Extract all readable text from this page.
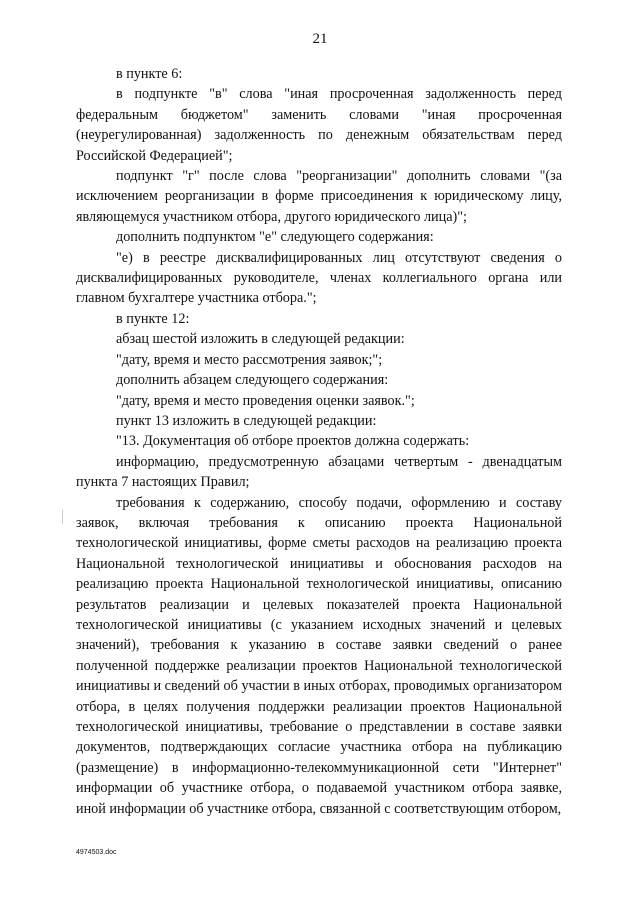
21

в пункте 6:

в подпункте "в" слова "иная просроченная задолженность перед федеральным бюджетом" заменить словами "иная просроченная (неурегулированная) задолженность по денежным обязательствам перед Российской Федерацией";

подпункт "г" после слова "реорганизации" дополнить словами "(за исключением реорганизации в форме присоединения к юридическому лицу, являющемуся участником отбора, другого юридического лица)";

дополнить подпунктом "е" следующего содержания:

"е) в реестре дисквалифицированных лиц отсутствуют сведения о дисквалифицированных руководителе, членах коллегиального органа или главном бухгалтере участника отбора.";

в пункте 12:

абзац шестой изложить в следующей редакции:

"дату, время и место рассмотрения заявок;";

дополнить абзацем следующего содержания:

"дату, время и место проведения оценки заявок.";

пункт 13 изложить в следующей редакции:

"13. Документация об отборе проектов должна содержать:

информацию, предусмотренную абзацами четвертым - двенадцатым пункта 7 настоящих Правил;

требования к содержанию, способу подачи, оформлению и составу заявок, включая требования к описанию проекта Национальной технологической инициативы, форме сметы расходов на реализацию проекта Национальной технологической инициативы и обоснования расходов на реализацию проекта Национальной технологической инициативы, описанию результатов реализации и целевых показателей проекта Национальной технологической инициативы (с указанием исходных значений и целевых значений), требования к указанию в составе заявки сведений о ранее полученной поддержке реализации проектов Национальной технологической инициативы и сведений об участии в иных отборах, проводимых организатором отбора, в целях получения поддержки реализации проектов Национальной технологической инициативы, требование о представлении в составе заявки документов, подтверждающих согласие участника отбора на публикацию (размещение) в информационно-телекоммуникационной сети "Интернет" информации об участнике отбора, о подаваемой участником отбора заявке, иной информации об участнике отбора, связанной с соответствующим отбором,

4974503.doc
